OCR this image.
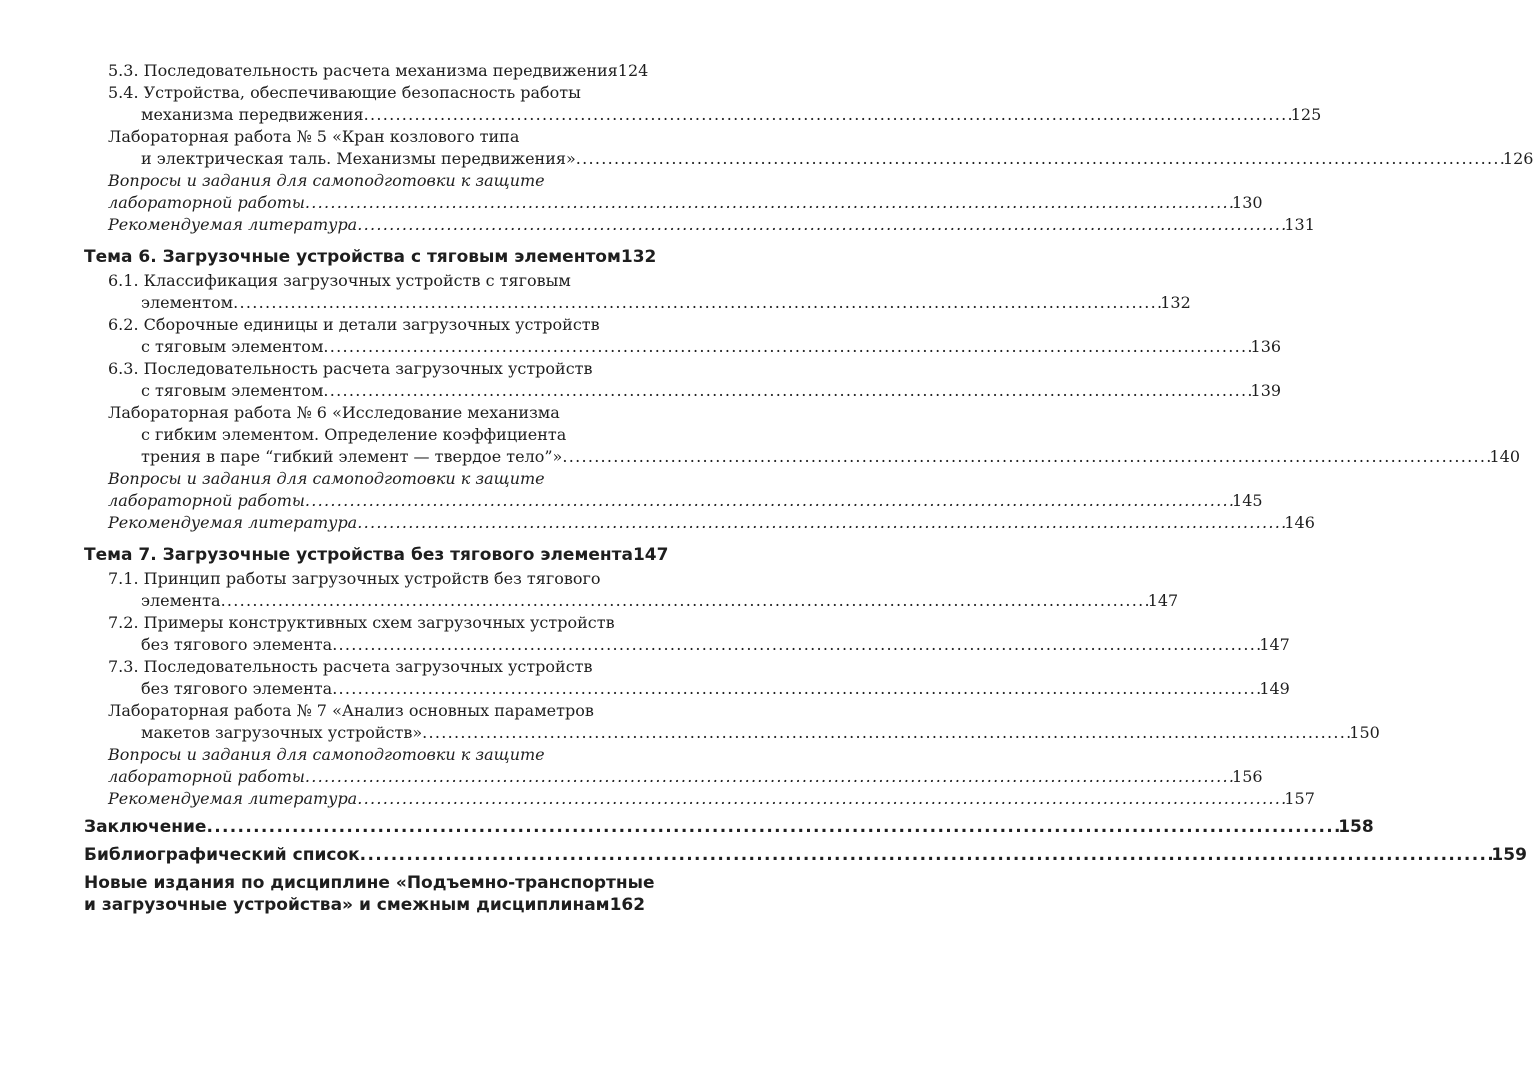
5.3. Последовательность расчета механизма передвижения 124
5.4. Устройства, обеспечивающие безопасность работы
механизма передвижения . . .	125
Лабораторная работа № 5 «Кран козлового типа
и электрическая таль. Механизмы передвижения» . . .	126
Вопросы и задания для самоподготовки к защите
лабораторной работы . . .	130
Рекомендуемая литература . . .	131
Тема 6. Загрузочные устройства с тяговым элементом 132
6.1. Классификация загрузочных устройств с тяговым
элементом . . .	132
6.2. Сборочные единицы и детали загрузочных устройств
с тяговым элементом . . .	136
6.3. Последовательность расчета загрузочных устройств
с тяговым элементом . . .	139
Лабораторная работа № 6 «Исследование механизма
с гибким элементом. Определение коэффициента
трения в паре “гибкий элемент — твердое тело”» . . .	140
Вопросы и задания для самоподготовки к защите
лабораторной работы . . .	145
Рекомендуемая литература . . .	146
Тема 7. Загрузочные устройства без тягового элемента 147
7.1. Принцип работы загрузочных устройств без тягового
элемента . . .	147
7.2. Примеры конструктивных схем загрузочных устройств
без тягового элемента . . .	147
7.3. Последовательность расчета загрузочных устройств
без тягового элемента . . .	149
Лабораторная работа № 7 «Анализ основных параметров
макетов загрузочных устройств» . . .	150
Вопросы и задания для самоподготовки к защите
лабораторной работы . . .	156
Рекомендуемая литература . . .	157
Заключение . . .	158
Библиографический список . . .	159
Новые издания по дисциплине «Подъемно-транспортные
и загрузочные устройства» и смежным дисциплинам 162
